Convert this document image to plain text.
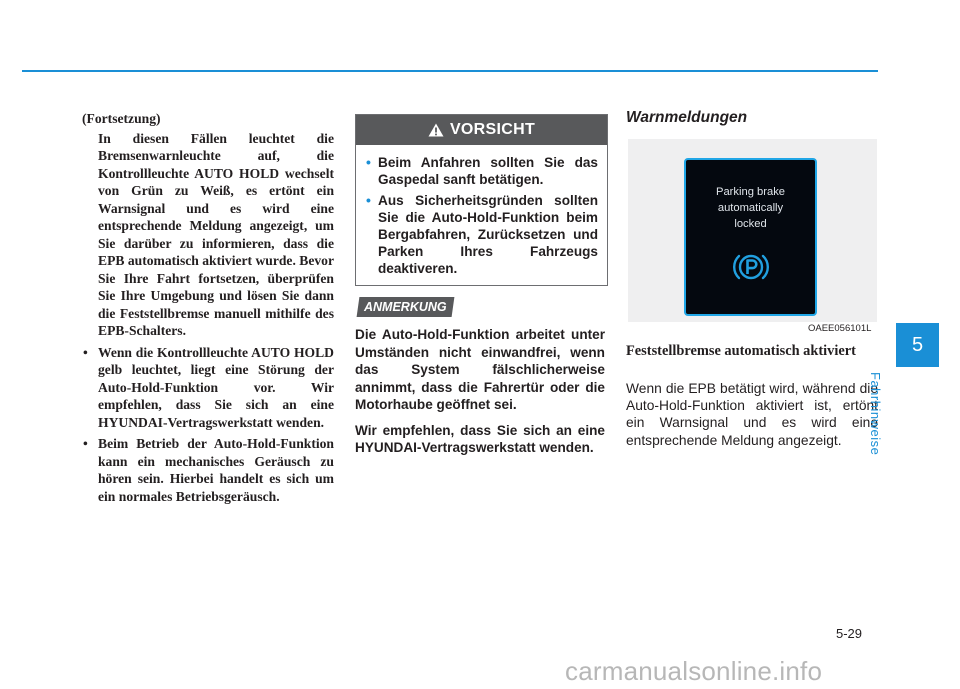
(Fortsetzung)

In diesen Fällen leuchtet die Bremsenwarnleuchte auf, die Kontrollleuchte AUTO HOLD wechselt von Grün zu Weiß, es ertönt ein Warnsignal und es wird eine entsprechende Meldung angezeigt, um Sie darüber zu informieren, dass die EPB automatisch aktiviert wurde. Bevor Sie Ihre Fahrt fortsetzen, überprüfen Sie Ihre Umgebung und lösen Sie dann die Feststellbremse manuell mithilfe des EPB-Schalters.

• Wenn die Kontrollleuchte AUTO HOLD gelb leuchtet, liegt eine Störung der Auto-Hold-Funktion vor. Wir empfehlen, dass Sie sich an eine HYUNDAI-Vertragswerkstatt wenden.
• Beim Betrieb der Auto-Hold-Funktion kann ein mechanisches Geräusch zu hören sein. Hierbei handelt es sich um ein normales Betriebsgeräusch.
VORSICHT
• Beim Anfahren sollten Sie das Gaspedal sanft betätigen.
• Aus Sicherheitsgründen sollten Sie die Auto-Hold-Funktion beim Bergabfahren, Zurücksetzen und Parken Ihres Fahrzeugs deaktiveren.
ANMERKUNG

Die Auto-Hold-Funktion arbeitet unter Umständen nicht einwandfrei, wenn das System fälschlicherweise annimmt, dass die Fahrertür oder die Motorhaube geöffnet sei.

Wir empfehlen, dass Sie sich an eine HYUNDAI-Vertragswerkstatt wenden.

Warnmeldungen
Parking brake
automatically
locked
OAEE056101L
Feststellbremse automatisch aktiviert

Wenn die EPB betätigt wird, während die Auto-Hold-Funktion aktiviert ist, ertönt ein Warnsignal und es wird eine entsprechende Meldung angezeigt.

5
Fahrhinweise
5-29
carmanualsonline.info
